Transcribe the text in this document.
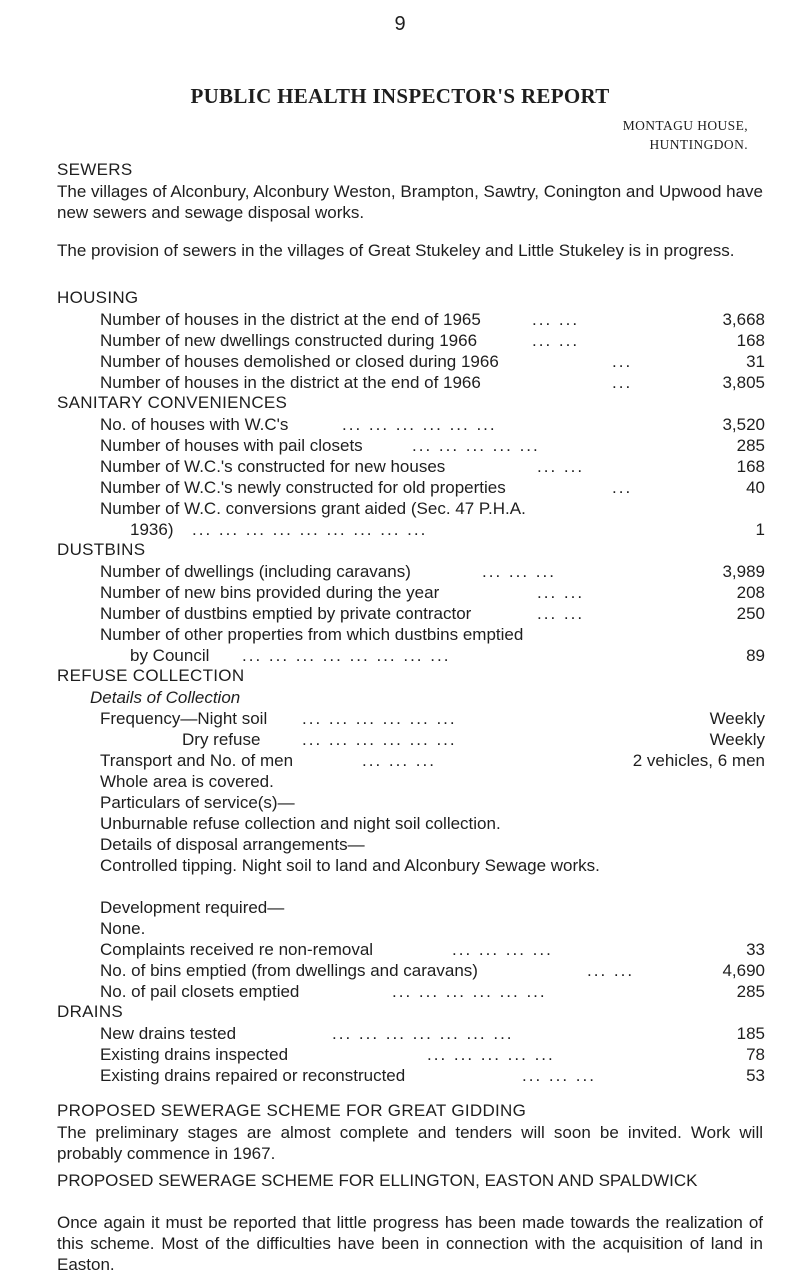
9
PUBLIC HEALTH INSPECTOR'S REPORT
MONTAGU HOUSE,
HUNTINGDON.
SEWERS
The villages of Alconbury, Alconbury Weston, Brampton, Sawtry, Conington and Upwood have new sewers and sewage disposal works.
The provision of sewers in the villages of Great Stukeley and Little Stukeley is in progress.
HOUSING
Number of houses in the district at the end of 1965	... ...	3,668
Number of new dwellings constructed during 1966	... ...	168
Number of houses demolished or closed during 1966	...	31
Number of houses in the district at the end of 1966	...	3,805
SANITARY CONVENIENCES
No. of houses with W.C's	... ... ... ... ... ...	3,520
Number of houses with pail closets	... ... ... ... ...	285
Number of W.C.'s constructed for new houses	... ...	168
Number of W.C.'s newly constructed for old properties	...	40
Number of W.C. conversions grant aided (Sec. 47 P.H.A.
1936) ... ... ... ... ... ... ... ... ...	1
DUSTBINS
Number of dwellings (including caravans)	... ... ...	3,989
Number of new bins provided during the year	... ...	208
Number of dustbins emptied by private contractor	... ...	250
Number of other properties from which dustbins emptied
by Council ... ... ... ... ... ... ... ...	89
REFUSE COLLECTION
Details of Collection
Frequency—Night soil ... ... ... ... ... ...	Weekly
Dry refuse ... ... ... ... ... ...	Weekly
Transport and No. of men	... ... ...	2 vehicles, 6 men
Whole area is covered.
Particulars of service(s)—
Unburnable refuse collection and night soil collection.
Details of disposal arrangements—
Controlled tipping. Night soil to land and Alconbury Sewage works.
Development required—
None.
Complaints received re non-removal	... ... ... ...	33
No. of bins emptied (from dwellings and caravans)	... ...	4,690
No. of pail closets emptied	... ... ... ... ... ...	285
DRAINS
New drains tested	... ... ... ... ... ... ...	185
Existing drains inspected	... ... ... ... ...	78
Existing drains repaired or reconstructed	... ... ...	53
PROPOSED SEWERAGE SCHEME FOR GREAT GIDDING
The preliminary stages are almost complete and tenders will soon be invited. Work will probably commence in 1967.
PROPOSED SEWERAGE SCHEME FOR ELLINGTON, EASTON AND SPALDWICK
Once again it must be reported that little progress has been made towards the realization of this scheme. Most of the difficulties have been in connection with the acquisition of land in Easton.
